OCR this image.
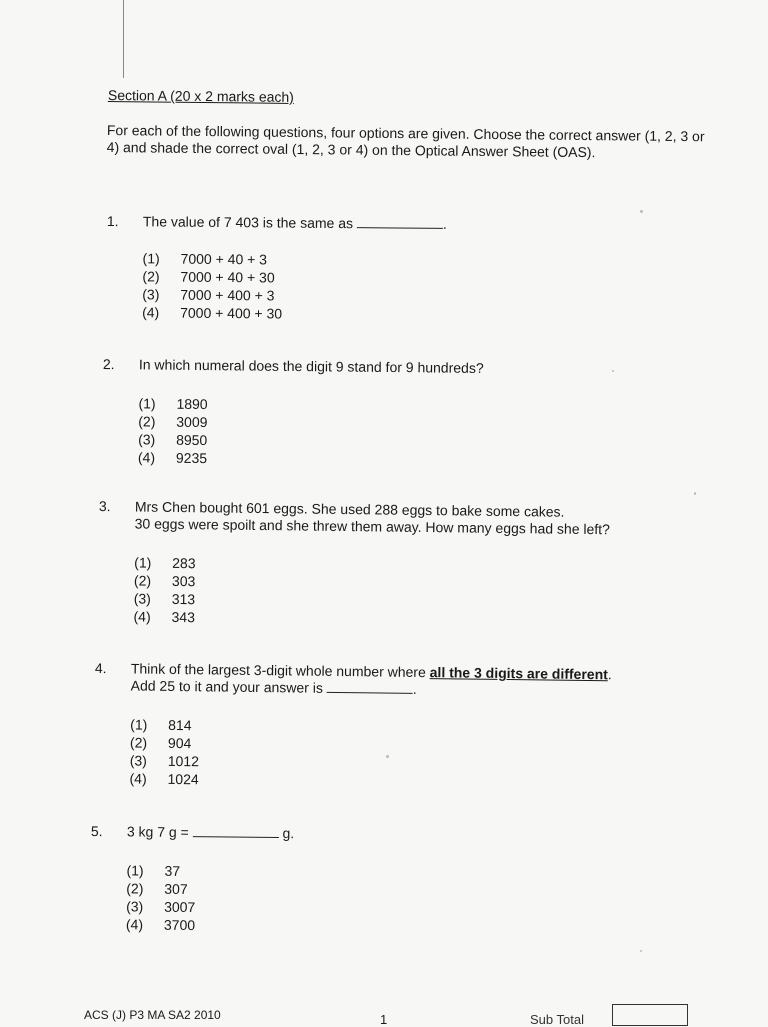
Section A (20 x 2 marks each)
For each of the following questions, four options are given. Choose the correct answer (1, 2, 3 or 4) and shade the correct oval (1, 2, 3 or 4) on the Optical Answer Sheet (OAS).
1. The value of 7 403 is the same as	.
(1) 7000 + 40 + 3
(2) 7000 + 40 + 30
(3) 7000 + 400 + 3
(4) 7000 + 400 + 30
2. In which numeral does the digit 9 stand for 9 hundreds?
(1) 1890
(2) 3009
(3) 8950
(4) 9235
3. Mrs Chen bought 601 eggs. She used 288 eggs to bake some cakes.
30 eggs were spoilt and she threw them away. How many eggs had she left?
(1) 283
(2) 303
(3) 313
(4) 343
4. Think of the largest 3-digit whole number where all the 3 digits are different.
Add 25 to it and your answer is	.
(1) 814
(2) 904
(3) 1012
(4) 1024
5. 3 kg 7 g =	g.
(1) 37
(2) 307
(3) 3007
(4) 3700
ACS (J) P3 MA SA2 2010	1	Sub Total
